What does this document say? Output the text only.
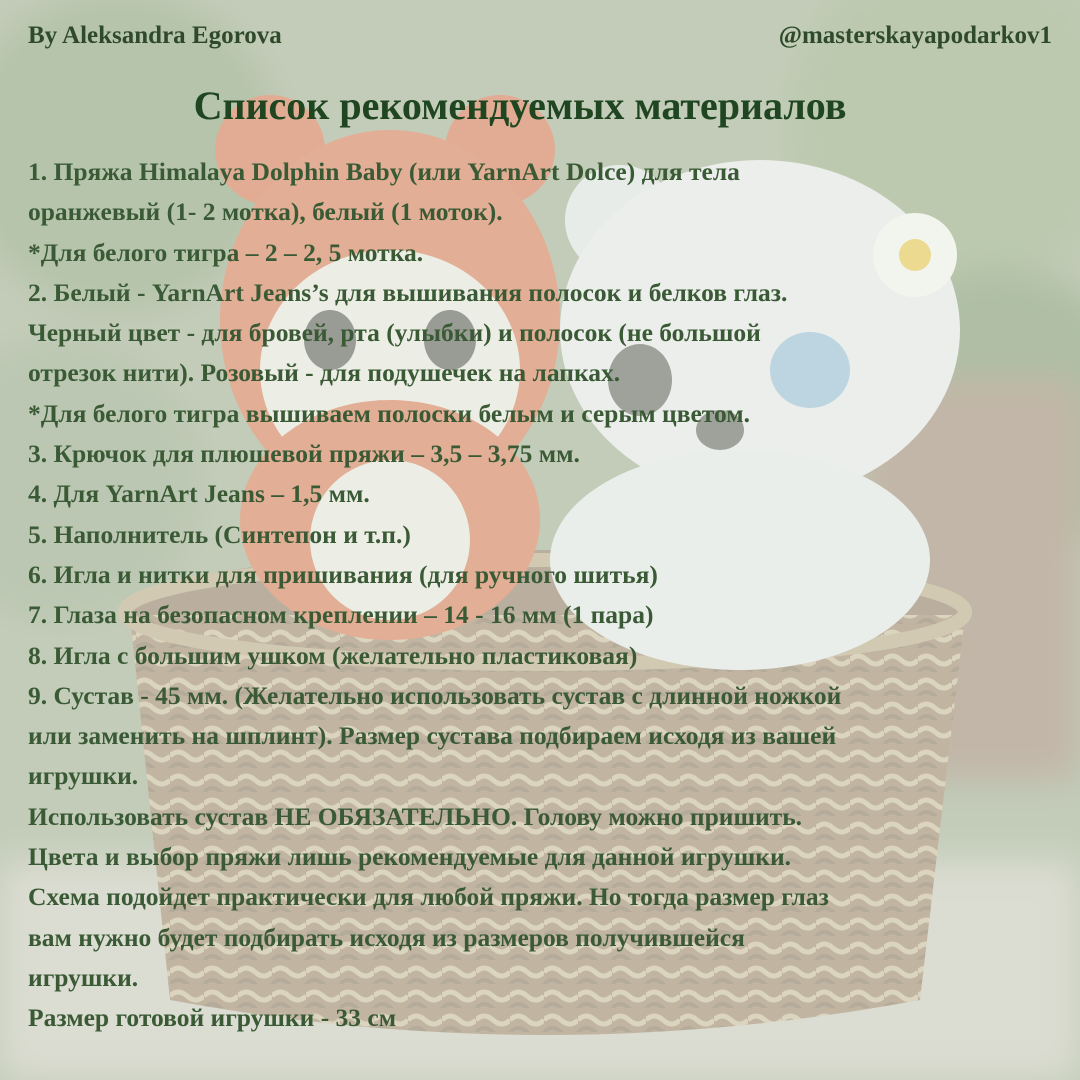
By Aleksandra Egorova	@masterskayapodarkov1
Список рекомендуемых материалов
1. Пряжа Himalaya Dolphin Baby (или YarnArt Dolce) для тела
оранжевый (1- 2 мотка), белый (1 моток).
*Для белого тигра – 2 – 2, 5 мотка.
2. Белый - YarnArt Jeans’s для вышивания полосок и белков глаз.
Черный цвет - для бровей, рта (улыбки) и полосок (не большой
отрезок нити). Розовый - для подушечек на лапках.
*Для белого тигра вышиваем полоски белым и серым цветом.
3. Крючок для плюшевой пряжи – 3,5 – 3,75 мм.
4. Для YarnArt Jeans – 1,5 мм.
5. Наполнитель (Синтепон и т.п.)
6. Игла и нитки для пришивания (для ручного шитья)
7. Глаза на безопасном креплении – 14 - 16 мм (1 пара)
8. Игла с большим ушком (желательно пластиковая)
9. Сустав - 45 мм. (Желательно использовать сустав с длинной ножкой
или заменить на шплинт). Размер сустава подбираем исходя из вашей
игрушки.
Использовать сустав НЕ ОБЯЗАТЕЛЬНО. Голову можно пришить.
Цвета и выбор пряжи лишь рекомендуемые для данной игрушки.
Схема подойдет практически для любой пряжи. Но тогда размер глаз
вам нужно будет подбирать исходя из размеров получившейся
игрушки.
Размер готовой игрушки - 33 см
